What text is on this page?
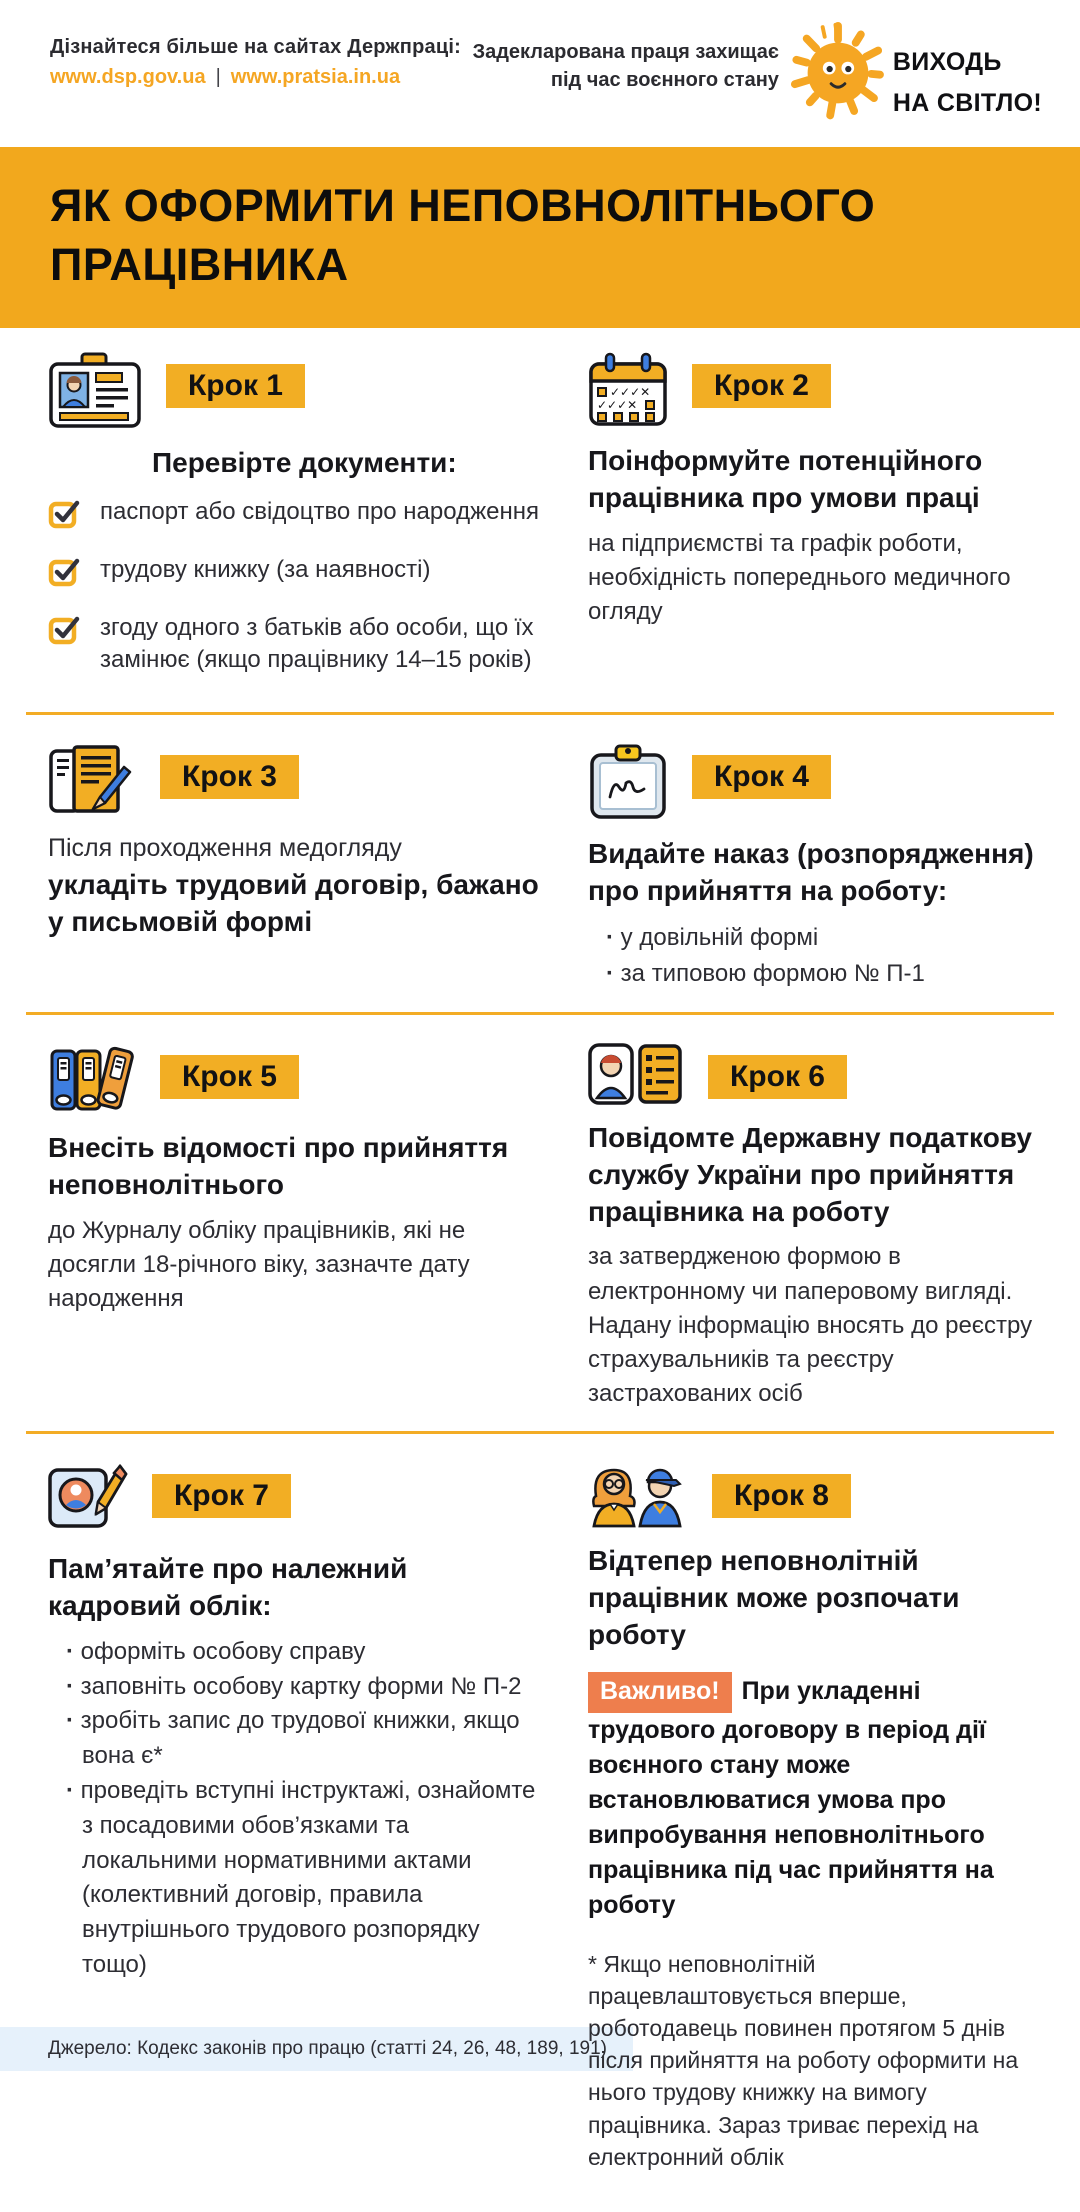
Дізнайтеся більше на сайтах Держпраці:
www.dsp.gov.ua | www.pratsia.in.ua
Задекларована праця захищає
під час воєнного стану
ВИХОДЬ
НА СВІТЛО!
ЯК ОФОРМИТИ НЕПОВНОЛІТНЬОГО
ПРАЦІВНИКА
Крок 1
Перевірте документи:
паспорт або свідоцтво про народження
трудову книжку (за наявності)
згоду одного з батьків або особи, що їх замінює (якщо працівнику 14–15 років)
✓✓✓✕
✓✓✓✕
Крок 2
Поінформуйте потенційного працівника про умови праці

на підприємстві та графік роботи, необхідність попереднього медичного огляду

Крок 3

Після проходження медогляду

укладіть трудовий договір, бажано у письмовій формі
Крок 4
Видайте наказ (розпорядження) про прийняття на роботу:
· у довільній формі
· за типовою формою № П-1
Крок 5
Внесіть відомості про прийняття неповнолітнього

до Журналу обліку працівників, які не досягли 18-річного віку, зазначте дату народження

Крок 6
Повідомте Державну податкову службу України про прийняття працівника на роботу

за затвердженою формою в електронному чи паперовому вигляді. Надану інформацію вносять до реєстру страхувальників та реєстру застрахованих осіб

Крок 7
Пам’ятайте про належний кадровий облік:
· оформіть особову справу
· заповніть особову картку форми № П-2
· зробіть запис до трудової книжки, якщо вона є*
· проведіть вступні інструктажі, ознайомте з посадовими обов’язками та локальними нормативними актами (колективний договір, правила внутрішнього трудового розпорядку тощо)
Джерело: Кодекс законів про працю (статті 24, 26, 48, 189, 191)
Крок 8
Відтепер неповнолітній працівник може розпочати роботу

Важливо! При укладенні трудового договору в період дії воєнного стану може встановлюватися умова про випробування неповнолітнього працівника під час прийняття на роботу

* Якщо неповнолітній працевлаштовується вперше, роботодавець повинен протягом 5 днів після прийняття на роботу оформити на нього трудову книжку на вимогу працівника. Зараз триває перехід на електронний облік
